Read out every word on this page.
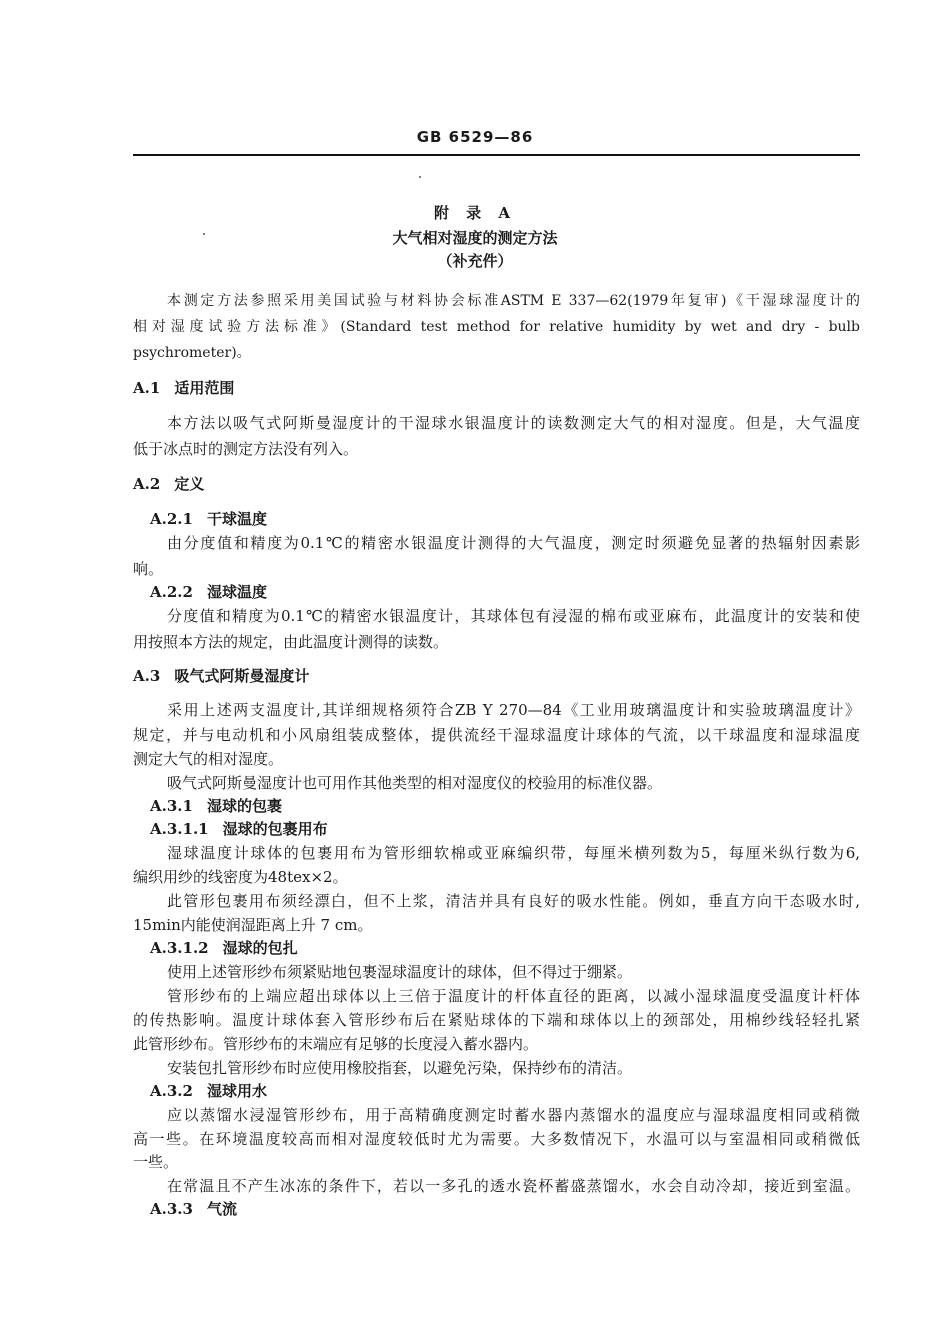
GB 6529—86
附 录 A
大气相对湿度的测定方法
（补充件）
本测定方法参照采用美国试验与材料协会标准ASTM E 337—62(1979年复审)《干湿球湿度计的
相对湿度试验方法标准》(Standard test method for relative humidity by wet and dry - bulb
psychrometer)。
A.1 适用范围
本方法以吸气式阿斯曼湿度计的干湿球水银温度计的读数测定大气的相对湿度。但是，大气温度
低于冰点时的测定方法没有列入。
A.2 定义
A.2.1 干球温度
由分度值和精度为0.1℃的精密水银温度计测得的大气温度，测定时须避免显著的热辐射因素影
响。
A.2.2 湿球温度
分度值和精度为0.1℃的精密水银温度计，其球体包有浸湿的棉布或亚麻布，此温度计的安装和使
用按照本方法的规定，由此温度计测得的读数。
A.3 吸气式阿斯曼湿度计
采用上述两支温度计,其详细规格须符合ZB Y 270—84《工业用玻璃温度计和实验玻璃温度计》
规定，并与电动机和小风扇组装成整体，提供流经干湿球温度计球体的气流，以干球温度和湿球温度
测定大气的相对湿度。
吸气式阿斯曼湿度计也可用作其他类型的相对湿度仪的校验用的标准仪器。
A.3.1 湿球的包裹
A.3.1.1 湿球的包裹用布
湿球温度计球体的包裹用布为管形细软棉或亚麻编织带，每厘米横列数为5，每厘米纵行数为6,
编织用纱的线密度为48tex×2。
此管形包裹用布须经漂白，但不上浆，清洁并具有良好的吸水性能。例如，垂直方向干态吸水时,
15min内能使润湿距离上升 7 cm。
A.3.1.2 湿球的包扎
使用上述管形纱布须紧贴地包裹湿球温度计的球体，但不得过于绷紧。
管形纱布的上端应超出球体以上三倍于温度计的杆体直径的距离，以减小湿球温度受温度计杆体
的传热影响。温度计球体套入管形纱布后在紧贴球体的下端和球体以上的颈部处，用棉纱线轻轻扎紧
此管形纱布。管形纱布的末端应有足够的长度浸入蓄水器内。
安装包扎管形纱布时应使用橡胶指套，以避免污染，保持纱布的清洁。
A.3.2 湿球用水
应以蒸馏水浸湿管形纱布，用于高精确度测定时蓄水器内蒸馏水的温度应与湿球温度相同或稍微
高一些。在环境温度较高而相对湿度较低时尤为需要。大多数情况下，水温可以与室温相同或稍微低
一些。
在常温且不产生冰冻的条件下，若以一多孔的透水瓷杯蓄盛蒸馏水，水会自动冷却，接近到室温。
A.3.3 气流
